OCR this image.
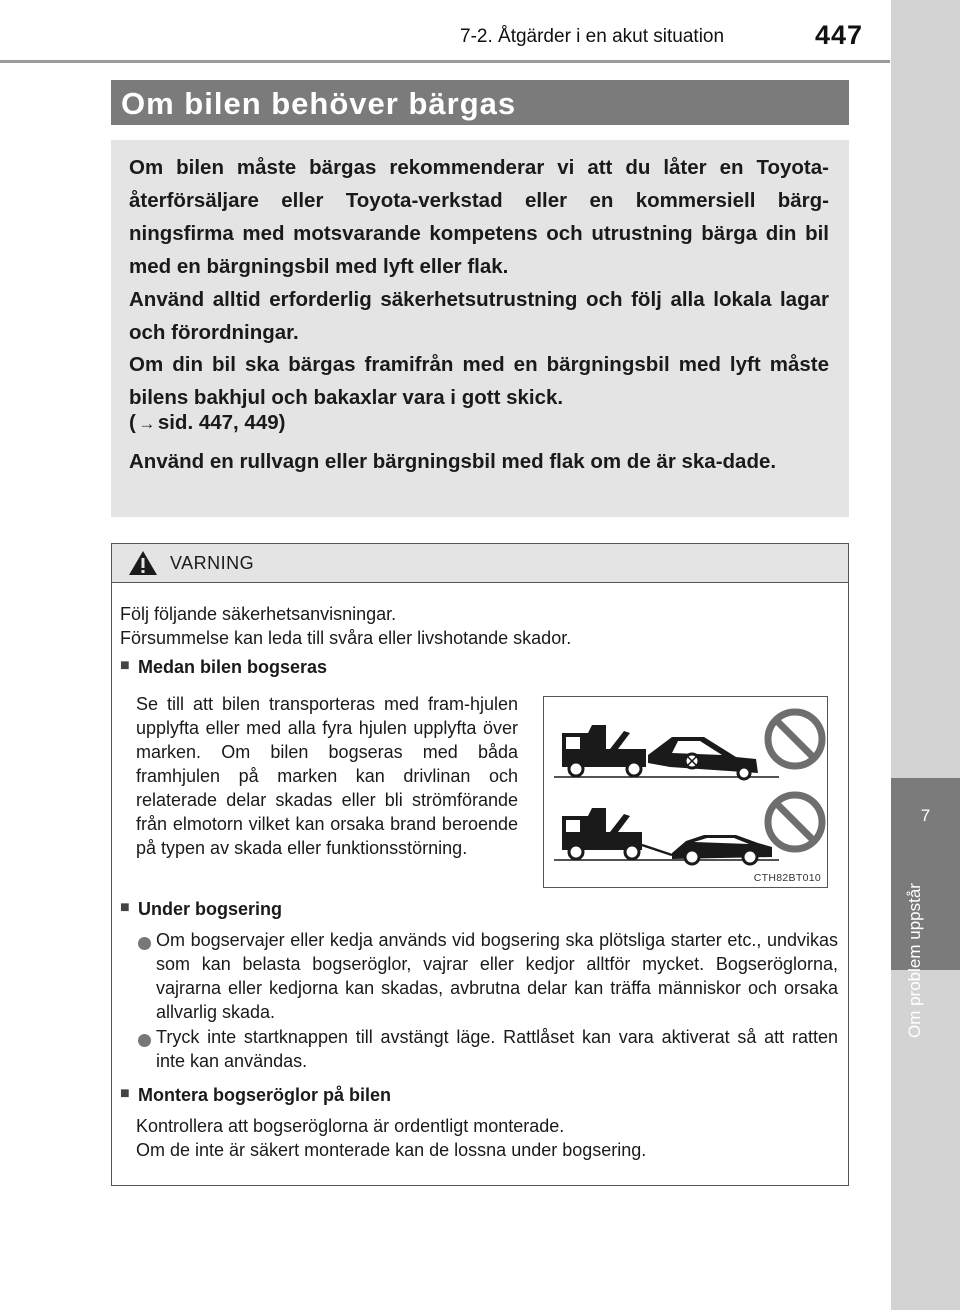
7-2. Åtgärder i en akut situation	447
7
Om problem uppstår
Om bilen behöver bärgas

Om bilen måste bärgas rekommenderar vi att du låter en Toyota-återförsäljare eller Toyota-verkstad eller en kommersiell bärg-ningsfirma med motsvarande kompetens och utrustning bärga din bil med en bärgningsbil med lyft eller flak.

Använd alltid erforderlig säkerhetsutrustning och följ alla lokala lagar och förordningar.

Om din bil ska bärgas framifrån med en bärgningsbil med lyft måste bilens bakhjul och bakaxlar vara i gott skick.

( → sid. 447, 449)

Använd en rullvagn eller bärgningsbil med flak om de är ska-dade.

VARNING
Följ följande säkerhetsanvisningar.
Försummelse kan leda till svåra eller livshotande skador.
■ Medan bilen bogseras
Se till att bilen transporteras med fram-hjulen upplyfta eller med alla fyra hjulen upplyfta över marken. Om bilen bogseras med båda framhjulen på marken kan drivlinan och relaterade delar skadas eller bli strömförande från elmotorn vilket kan orsaka brand beroende på typen av skada eller funktionsstörning.
CTH82BT010
■ Under bogsering
Om bogservajer eller kedja används vid bogsering ska plötsliga starter etc., undvikas som kan belasta bogseröglor, vajrar eller kedjor alltför mycket. Bogseröglorna, vajrarna eller kedjorna kan skadas, avbrutna delar kan träffa människor och orsaka allvarlig skada.
Tryck inte startknappen till avstängt läge. Rattlåset kan vara aktiverat så att ratten inte kan användas.
■ Montera bogseröglor på bilen
Kontrollera att bogseröglorna är ordentligt monterade.
Om de inte är säkert monterade kan de lossna under bogsering.
